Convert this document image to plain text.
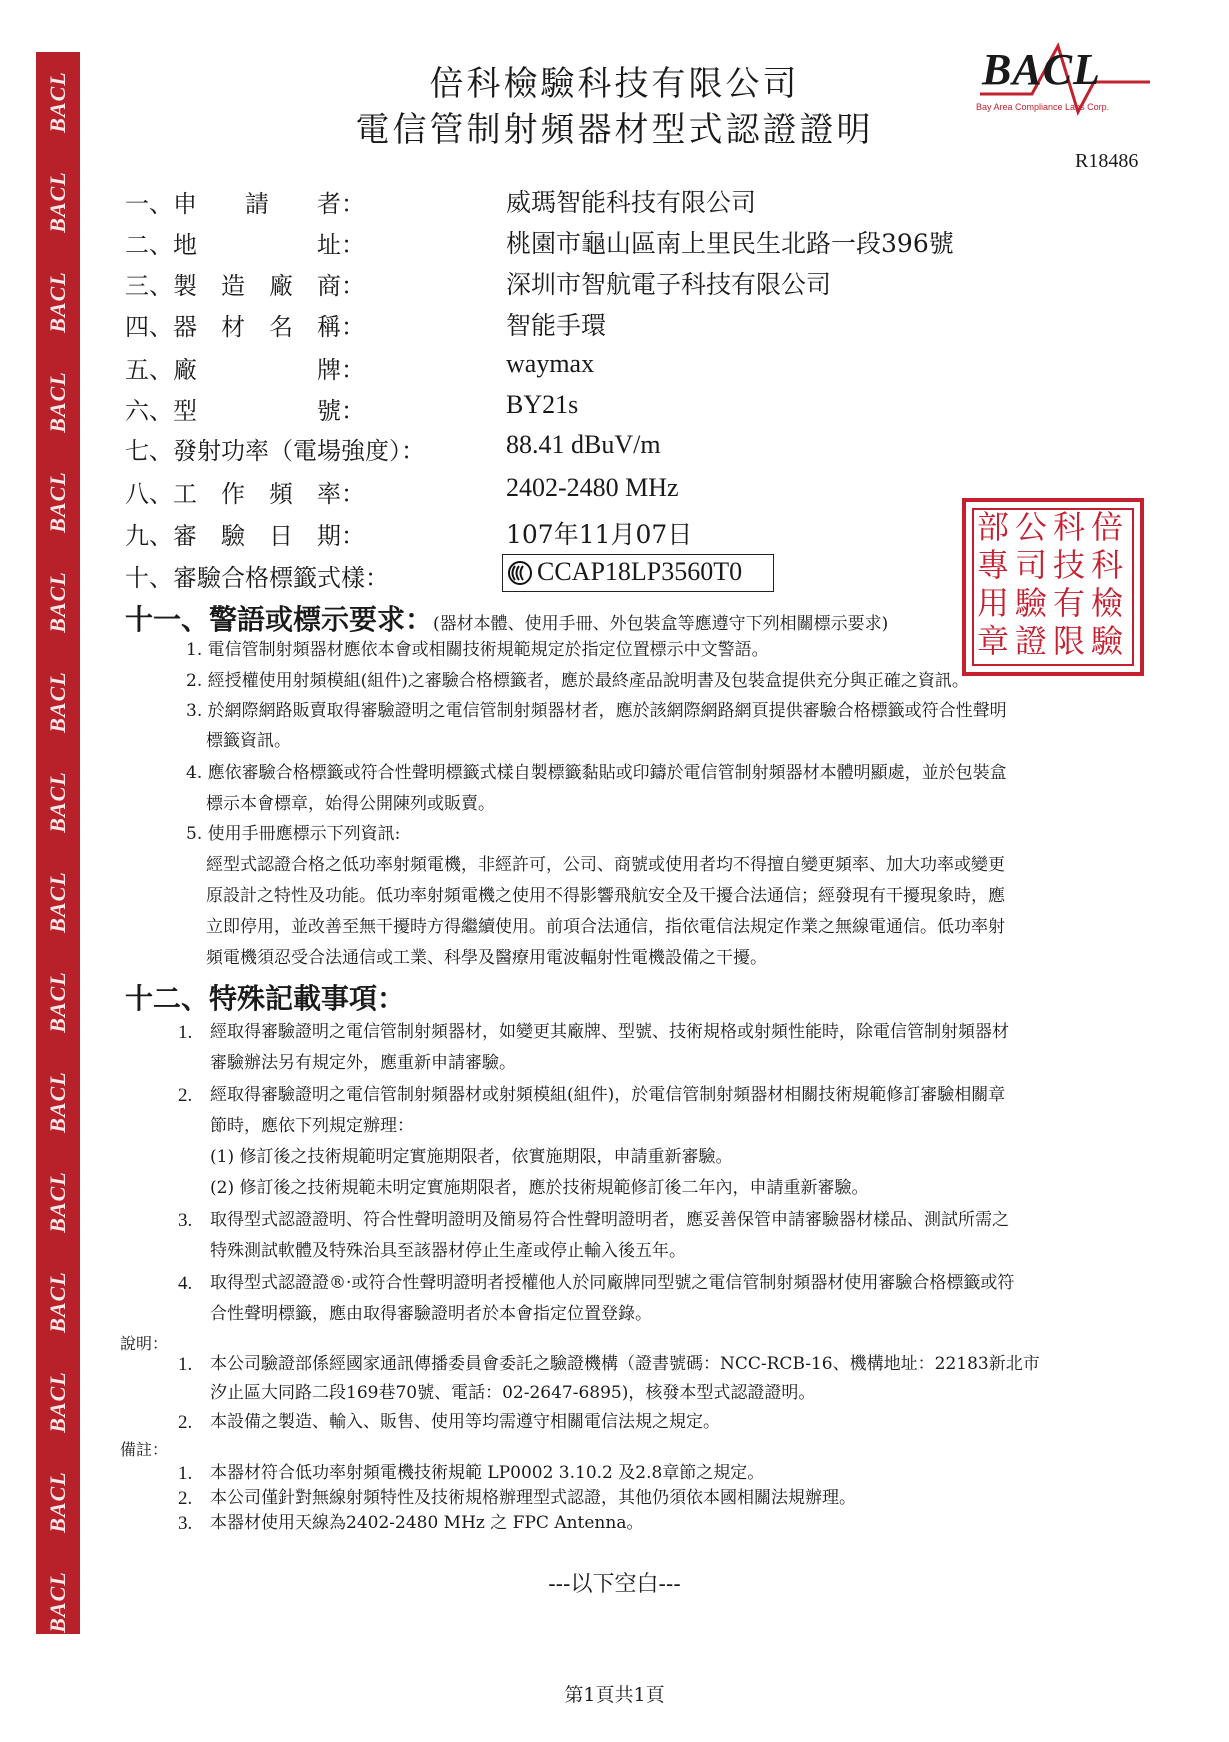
BACL
BACL
BACL
BACL
BACL
BACL
BACL
BACL
BACL
BACL
BACL
BACL
BACL
BACL
BACL
BACL
倍科檢驗科技有限公司
電信管制射頻器材型式認證證明
BACL
Bay Area Compliance Labs Corp.
R18486
一、申　　請　　者：	威瑪智能科技有限公司
二、地　　　　　址：	桃園市龜山區南上里民生北路一段396號
三、製　造　廠　商：	深圳市智航電子科技有限公司
四、器　材　名　稱：	智能手環
五、廠　　　　　牌：	waymax
六、型　　　　　號：	BY21s
七、發射功率（電場強度）：	88.41 dBuV/m
八、工　作　頻　率：	2402-2480 MHz
九、審　驗　日　期：	107年11月07日
十、審驗合格標籤式樣：	CCAP18LP3560T0
部 公 科 倍
專 司 技 科
用 驗 有 檢
章 證 限 驗
十一、警語或標示要求：(器材本體、使用手冊、外包裝盒等應遵守下列相關標示要求)
1. 電信管制射頻器材應依本會或相關技術規範規定於指定位置標示中文警語。
2. 經授權使用射頻模組(組件)之審驗合格標籤者，應於最終產品說明書及包裝盒提供充分與正確之資訊。
3. 於網際網路販賣取得審驗證明之電信管制射頻器材者，應於該網際網路網頁提供審驗合格標籤或符合性聲明
標籤資訊。
4. 應依審驗合格標籤或符合性聲明標籤式樣自製標籤黏貼或印鑄於電信管制射頻器材本體明顯處，並於包裝盒
標示本會標章，始得公開陳列或販賣。
5. 使用手冊應標示下列資訊:
經型式認證合格之低功率射頻電機，非經許可，公司、商號或使用者均不得擅自變更頻率、加大功率或變更
原設計之特性及功能。低功率射頻電機之使用不得影響飛航安全及干擾合法通信；經發現有干擾現象時，應
立即停用，並改善至無干擾時方得繼續使用。前項合法通信，指依電信法規定作業之無線電通信。低功率射
頻電機須忍受合法通信或工業、科學及醫療用電波輻射性電機設備之干擾。
十二、特殊記載事項：
1. 經取得審驗證明之電信管制射頻器材，如變更其廠牌、型號、技術規格或射頻性能時，除電信管制射頻器材
審驗辦法另有規定外，應重新申請審驗。
2. 經取得審驗證明之電信管制射頻器材或射頻模組(組件)，於電信管制射頻器材相關技術規範修訂審驗相關章
節時，應依下列規定辦理：
(1) 修訂後之技術規範明定實施期限者，依實施期限，申請重新審驗。
(2) 修訂後之技術規範未明定實施期限者，應於技術規範修訂後二年內，申請重新審驗。
3. 取得型式認證證明、符合性聲明證明及簡易符合性聲明證明者，應妥善保管申請審驗器材樣品、測試所需之
特殊測試軟體及特殊治具至該器材停止生產或停止輸入後五年。
4. 取得型式認證證®·或符合性聲明證明者授權他人於同廠牌同型號之電信管制射頻器材使用審驗合格標籤或符
合性聲明標籤，應由取得審驗證明者於本會指定位置登錄。
說明：
1. 本公司驗證部係經國家通訊傳播委員會委託之驗證機構（證書號碼：NCC-RCB-16、機構地址：22183新北市
汐止區大同路二段169巷70號、電話：02-2647-6895)，核發本型式認證證明。
2. 本設備之製造、輸入、販售、使用等均需遵守相關電信法規之規定。
備註：
1. 本器材符合低功率射頻電機技術規範 LP0002 3.10.2 及2.8章節之規定。
2. 本公司僅針對無線射頻特性及技術規格辦理型式認證，其他仍須依本國相關法規辦理。
3. 本器材使用天線為2402-2480 MHz 之 FPC Antenna。
---以下空白---
第1頁共1頁
